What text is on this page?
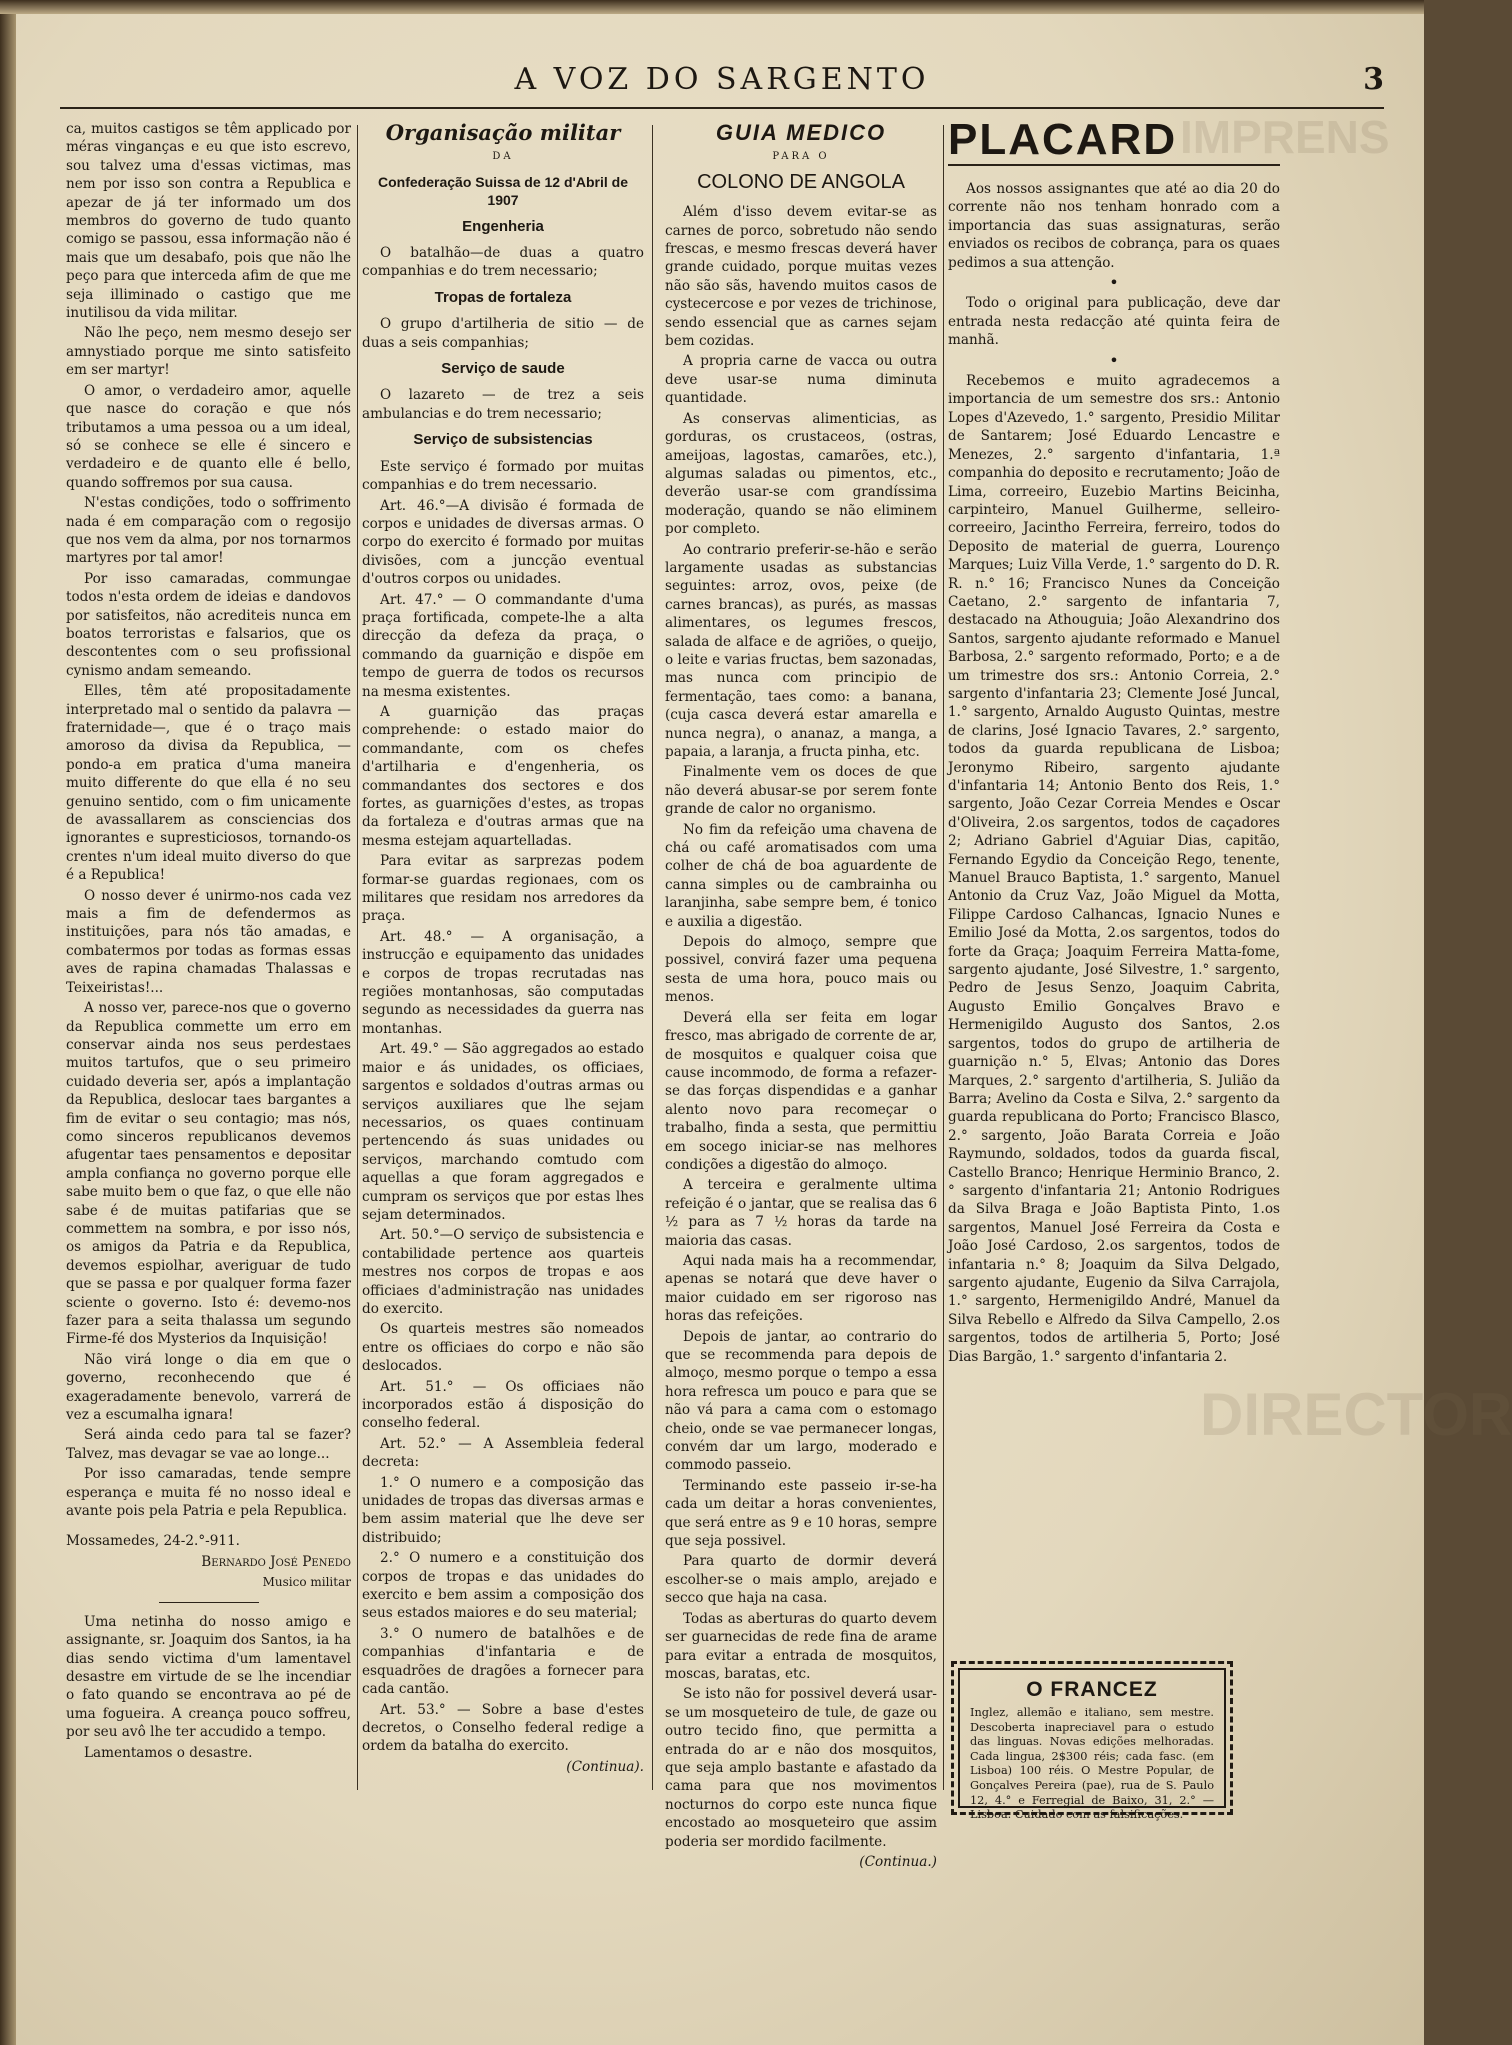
IMPRENS
DIRECTOR
A VOZ DO SARGENTO	3

ca, muitos castigos se têm applicado por méras vinganças e eu que isto escrevo, sou talvez uma d'essas victimas, mas nem por isso son contra a Republica e apezar de já ter informado um dos membros do governo de tudo quanto comigo se passou, essa informação não é mais que um desabafo, pois que não lhe peço para que interceda afim de que me seja illiminado o castigo que me inutilisou da vida militar.

Não lhe peço, nem mesmo desejo ser amnystiado porque me sinto satisfeito em ser martyr!

O amor, o verdadeiro amor, aquelle que nasce do coração e que nós tributamos a uma pessoa ou a um ideal, só se conhece se elle é sincero e verdadeiro e de quanto elle é bello, quando soffremos por sua causa.

N'estas condições, todo o soffrimento nada é em comparação com o regosijo que nos vem da alma, por nos tornarmos martyres por tal amor!

Por isso camaradas, commungae todos n'esta ordem de ideias e dandovos por satisfeitos, não acrediteis nunca em boatos terroristas e falsarios, que os descontentes com o seu profissional cynismo andam semeando.

Elles, têm até propositadamente interpretado mal o sentido da palavra —fraternidade—, que é o traço mais amoroso da divisa da Republica, — pondo-a em pratica d'uma maneira muito differente do que ella é no seu genuino sentido, com o fim unicamente de avassallarem as consciencias dos ignorantes e supresticiosos, tornando-os crentes n'um ideal muito diverso do que é a Republica!

O nosso dever é unirmo-nos cada vez mais a fim de defendermos as instituições, para nós tão amadas, e combatermos por todas as formas essas aves de rapina chamadas Thalassas e Teixeiristas!...

A nosso ver, parece-nos que o governo da Republica commette um erro em conservar ainda nos seus perdestaes muitos tartufos, que o seu primeiro cuidado deveria ser, após a implantação da Republica, deslocar taes bargantes a fim de evitar o seu contagio; mas nós, como sinceros republicanos devemos afugentar taes pensamentos e depositar ampla confiança no governo porque elle sabe muito bem o que faz, o que elle não sabe é de muitas patifarias que se commettem na sombra, e por isso nós, os amigos da Patria e da Republica, devemos espiolhar, averiguar de tudo que se passa e por qualquer forma fazer sciente o governo. Isto é: devemo-nos fazer para a seita thalassa um segundo Firme-fé dos Mysterios da Inquisição!

Não virá longe o dia em que o governo, reconhecendo que é exageradamente benevolo, varrerá de vez a escumalha ignara!

Será ainda cedo para tal se fazer? Talvez, mas devagar se vae ao longe...

Por isso camaradas, tende sempre esperança e muita fé no nosso ideal e avante pois pela Patria e pela Republica.

Mossamedes, 24-2.°-911.

Bernardo José Penedo

Musico militar

Uma netinha do nosso amigo e assignante, sr. Joaquim dos Santos, ia ha dias sendo victima d'um lamentavel desastre em virtude de se lhe incendiar o fato quando se encontrava ao pé de uma fogueira. A creança pouco soffreu, por seu avô lhe ter accudido a tempo.

Lamentamos o desastre.

Organisação militar
DA
Confederação Suissa de 12 d'Abril de 1907
Engenheria

O batalhão—de duas a quatro companhias e do trem necessario;

Tropas de fortaleza

O grupo d'artilheria de sitio — de duas a seis companhias;

Serviço de saude

O lazareto — de trez a seis ambulancias e do trem necessario;

Serviço de subsistencias

Este serviço é formado por muitas companhias e do trem necessario.

Art. 46.°—A divisão é formada de corpos e unidades de diversas armas. O corpo do exercito é formado por muitas divisões, com a juncção eventual d'outros corpos ou unidades.

Art. 47.° — O commandante d'uma praça fortificada, compete-lhe a alta direcção da defeza da praça, o commando da guarnição e dispõe em tempo de guerra de todos os recursos na mesma existentes.

A guarnição das praças comprehende: o estado maior do commandante, com os chefes d'artilharia e d'engenheria, os commandantes dos sectores e dos fortes, as guarnições d'estes, as tropas da fortaleza e d'outras armas que na mesma estejam aquartelladas.

Para evitar as sarprezas podem formar-se guardas regionaes, com os militares que residam nos arredores da praça.

Art. 48.° — A organisação, a instrucção e equipamento das unidades e corpos de tropas recrutadas nas regiões montanhosas, são computadas segundo as necessidades da guerra nas montanhas.

Art. 49.° — São aggregados ao estado maior e ás unidades, os officiaes, sargentos e soldados d'outras armas ou serviços auxiliares que lhe sejam necessarios, os quaes continuam pertencendo ás suas unidades ou serviços, marchando comtudo com aquellas a que foram aggregados e cumpram os serviços que por estas lhes sejam determinados.

Art. 50.°—O serviço de subsistencia e contabilidade pertence aos quarteis mestres nos corpos de tropas e aos officiaes d'administração nas unidades do exercito.

Os quarteis mestres são nomeados entre os officiaes do corpo e não são deslocados.

Art. 51.° — Os officiaes não incorporados estão á disposição do conselho federal.

Art. 52.° — A Assembleia federal decreta:

1.° O numero e a composição das unidades de tropas das diversas armas e bem assim material que lhe deve ser distribuido;

2.° O numero e a constituição dos corpos de tropas e das unidades do exercito e bem assim a composição dos seus estados maiores e do seu material;

3.° O numero de batalhões e de companhias d'infantaria e de esquadrões de dragões a fornecer para cada cantão.

Art. 53.° — Sobre a base d'estes decretos, o Conselho federal redige a ordem da batalha do exercito.

(Continua).

GUIA MEDICO
PARA O
COLONO DE ANGOLA

Além d'isso devem evitar-se as carnes de porco, sobretudo não sendo frescas, e mesmo frescas deverá haver grande cuidado, porque muitas vezes não são sãs, havendo muitos casos de cystecercose e por vezes de trichinose, sendo essencial que as carnes sejam bem cozidas.

A propria carne de vacca ou outra deve usar-se numa diminuta quantidade.

As conservas alimenticias, as gorduras, os crustaceos, (ostras, ameijoas, lagostas, camarões, etc.), algumas saladas ou pimentos, etc., deverão usar-se com grandíssima moderação, quando se não eliminem por completo.

Ao contrario preferir-se-hão e serão largamente usadas as substancias seguintes: arroz, ovos, peixe (de carnes brancas), as purés, as massas alimentares, os legumes frescos, salada de alface e de agriões, o queijo, o leite e varias fructas, bem sazonadas, mas nunca com principio de fermentação, taes como: a banana, (cuja casca deverá estar amarella e nunca negra), o ananaz, a manga, a papaia, a laranja, a fructa pinha, etc.

Finalmente vem os doces de que não deverá abusar-se por serem fonte grande de calor no organismo.

No fim da refeição uma chavena de chá ou café aromatisados com uma colher de chá de boa aguardente de canna simples ou de cambrainha ou laranjinha, sabe sempre bem, é tonico e auxilia a digestão.

Depois do almoço, sempre que possivel, convirá fazer uma pequena sesta de uma hora, pouco mais ou menos.

Deverá ella ser feita em logar fresco, mas abrigado de corrente de ar, de mosquitos e qualquer coisa que cause incommodo, de forma a refazer-se das forças dispendidas e a ganhar alento novo para recomeçar o trabalho, finda a sesta, que permittiu em socego iniciar-se nas melhores condições a digestão do almoço.

A terceira e geralmente ultima refeição é o jantar, que se realisa das 6 ½ para as 7 ½ horas da tarde na maioria das casas.

Aqui nada mais ha a recommendar, apenas se notará que deve haver o maior cuidado em ser rigoroso nas horas das refeições.

Depois de jantar, ao contrario do que se recommenda para depois de almoço, mesmo porque o tempo a essa hora refresca um pouco e para que se não vá para a cama com o estomago cheio, onde se vae permanecer longas, convém dar um largo, moderado e commodo passeio.

Terminando este passeio ir-se-ha cada um deitar a horas convenientes, que será entre as 9 e 10 horas, sempre que seja possivel.

Para quarto de dormir deverá escolher-se o mais amplo, arejado e secco que haja na casa.

Todas as aberturas do quarto devem ser guarnecidas de rede fina de arame para evitar a entrada de mosquitos, moscas, baratas, etc.

Se isto não for possivel deverá usar-se um mosqueteiro de tule, de gaze ou outro tecido fino, que permitta a entrada do ar e não dos mosquitos, que seja amplo bastante e afastado da cama para que nos movimentos nocturnos do corpo este nunca fique encostado ao mosqueteiro que assim poderia ser mordido facilmente.

(Continua.)

PLACARD

Aos nossos assignantes que até ao dia 20 do corrente não nos tenham honrado com a importancia das suas assignaturas, serão enviados os recibos de cobrança, para os quaes pedimos a sua attenção.

•

Todo o original para publicação, deve dar entrada nesta redacção até quinta feira de manhã.

•

Recebemos e muito agradecemos a importancia de um semestre dos srs.: Antonio Lopes d'Azevedo, 1.° sargento, Presidio Militar de Santarem; José Eduardo Lencastre e Menezes, 2.° sargento d'infantaria, 1.ª companhia do deposito e recrutamento; João de Lima, correeiro, Euzebio Martins Beicinha, carpinteiro, Manuel Guilherme, selleiro-correeiro, Jacintho Ferreira, ferreiro, todos do Deposito de material de guerra, Lourenço Marques; Luiz Villa Verde, 1.° sargento do D. R. R. n.° 16; Francisco Nunes da Conceição Caetano, 2.° sargento de infantaria 7, destacado na Athouguia; João Alexandrino dos Santos, sargento ajudante reformado e Manuel Barbosa, 2.° sargento reformado, Porto; e a de um trimestre dos srs.: Antonio Correia, 2.° sargento d'infantaria 23; Clemente José Juncal, 1.° sargento, Arnaldo Augusto Quintas, mestre de clarins, José Ignacio Tavares, 2.° sargento, todos da guarda republicana de Lisboa; Jeronymo Ribeiro, sargento ajudante d'infantaria 14; Antonio Bento dos Reis, 1.° sargento, João Cezar Correia Mendes e Oscar d'Oliveira, 2.os sargentos, todos de caçadores 2; Adriano Gabriel d'Aguiar Dias, capitão, Fernando Egydio da Conceição Rego, tenente, Manuel Brauco Baptista, 1.° sargento, Manuel Antonio da Cruz Vaz, João Miguel da Motta, Filippe Cardoso Calhancas, Ignacio Nunes e Emilio José da Motta, 2.os sargentos, todos do forte da Graça; Joaquim Ferreira Matta-fome, sargento ajudante, José Silvestre, 1.° sargento, Pedro de Jesus Senzo, Joaquim Cabrita, Augusto Emilio Gonçalves Bravo e Hermenigildo Augusto dos Santos, 2.os sargentos, todos do grupo de artilheria de guarnição n.° 5, Elvas; Antonio das Dores Marques, 2.° sargento d'artilheria, S. Julião da Barra; Avelino da Costa e Silva, 2.° sargento da guarda republicana do Porto; Francisco Blasco, 2.° sargento, João Barata Correia e João Raymundo, soldados, todos da guarda fiscal, Castello Branco; Henrique Herminio Branco, 2.° sargento d'infantaria 21; Antonio Rodrigues da Silva Braga e João Baptista Pinto, 1.os sargentos, Manuel José Ferreira da Costa e João José Cardoso, 2.os sargentos, todos de infantaria n.° 8; Joaquim da Silva Delgado, sargento ajudante, Eugenio da Silva Carrajola, 1.° sargento, Hermenigildo André, Manuel da Silva Rebello e Alfredo da Silva Campello, 2.os sargentos, todos de artilheria 5, Porto; José Dias Bargão, 1.° sargento d'infantaria 2.

O FRANCEZ
Inglez, allemão e italiano, sem mestre. Descoberta inapreciavel para o estudo das linguas. Novas edições melhoradas. Cada lingua, 2$300 réis; cada fasc. (em Lisboa) 100 réis. O Mestre Popular, de Gonçalves Pereira (pae), rua de S. Paulo 12, 4.° e Ferregial de Baixo, 31, 2.° — Lisboa. Cuidado com as falsificações.
